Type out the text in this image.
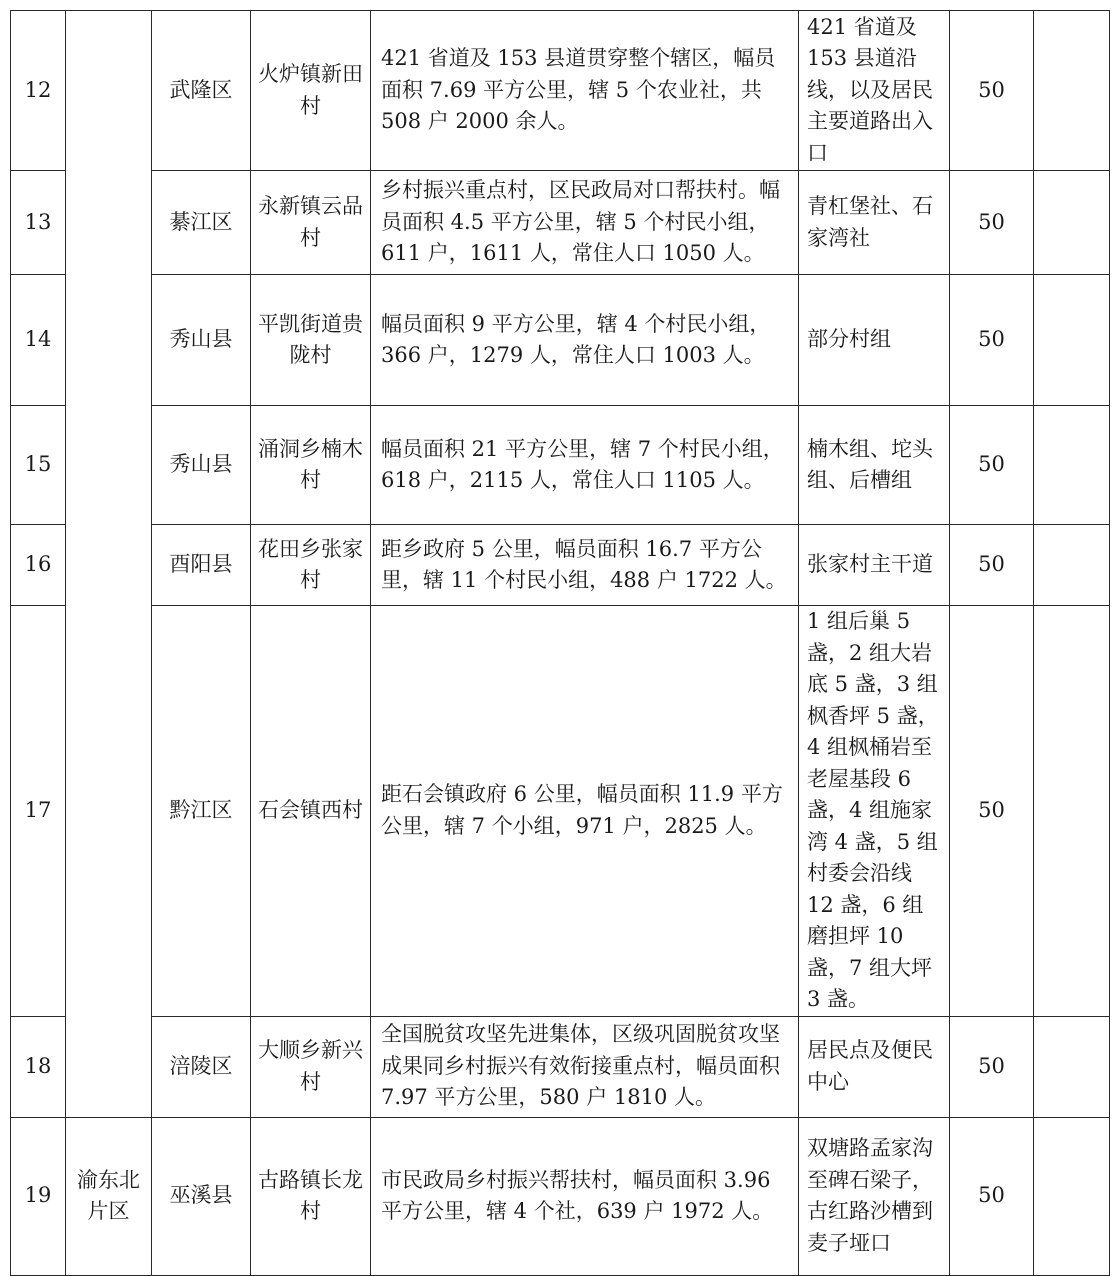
12		武隆区	火炉镇新田村	421 省道及 153 县道贯穿整个辖区，幅员面积 7.69 平方公里，辖 5 个农业社，共 508 户 2000 余人。	421 省道及 153 县道沿线，以及居民主要道路出入口	50	
13		綦江区	永新镇云品村	乡村振兴重点村，区民政局对口帮扶村。幅员面积 4.5 平方公里，辖 5 个村民小组，611 户，1611 人，常住人口 1050 人。	青杠堡社、石家湾社	50	
14		秀山县	平凯街道贵陇村	幅员面积 9 平方公里，辖 4 个村民小组，366 户，1279 人，常住人口 1003 人。	部分村组	50	
15		秀山县	涌洞乡楠木村	幅员面积 21 平方公里，辖 7 个村民小组，618 户，2115 人，常住人口 1105 人。	楠木组、坨头组、后槽组	50	
16		酉阳县	花田乡张家村	距乡政府 5 公里，幅员面积 16.7 平方公里，辖 11 个村民小组，488 户 1722 人。	张家村主干道	50	
17		黔江区	石会镇西村	距石会镇政府 6 公里，幅员面积 11.9 平方公里，辖 7 个小组，971 户，2825 人。	1 组后巢 5 盏，2 组大岩底 5 盏，3 组枫香坪 5 盏，4 组枫桶岩至老屋基段 6 盏，4 组施家湾 4 盏，5 组村委会沿线 12 盏，6 组磨担坪 10 盏，7 组大坪 3 盏。	50	
18		涪陵区	大顺乡新兴村	全国脱贫攻坚先进集体，区级巩固脱贫攻坚成果同乡村振兴有效衔接重点村，幅员面积 7.97 平方公里，580 户 1810 人。	居民点及便民中心	50	
19	渝东北片区	巫溪县	古路镇长龙村	市民政局乡村振兴帮扶村，幅员面积 3.96 平方公里，辖 4 个社，639 户 1972 人。	双塘路孟家沟至碑石梁子，古红路沙槽到麦子垭口	50	
